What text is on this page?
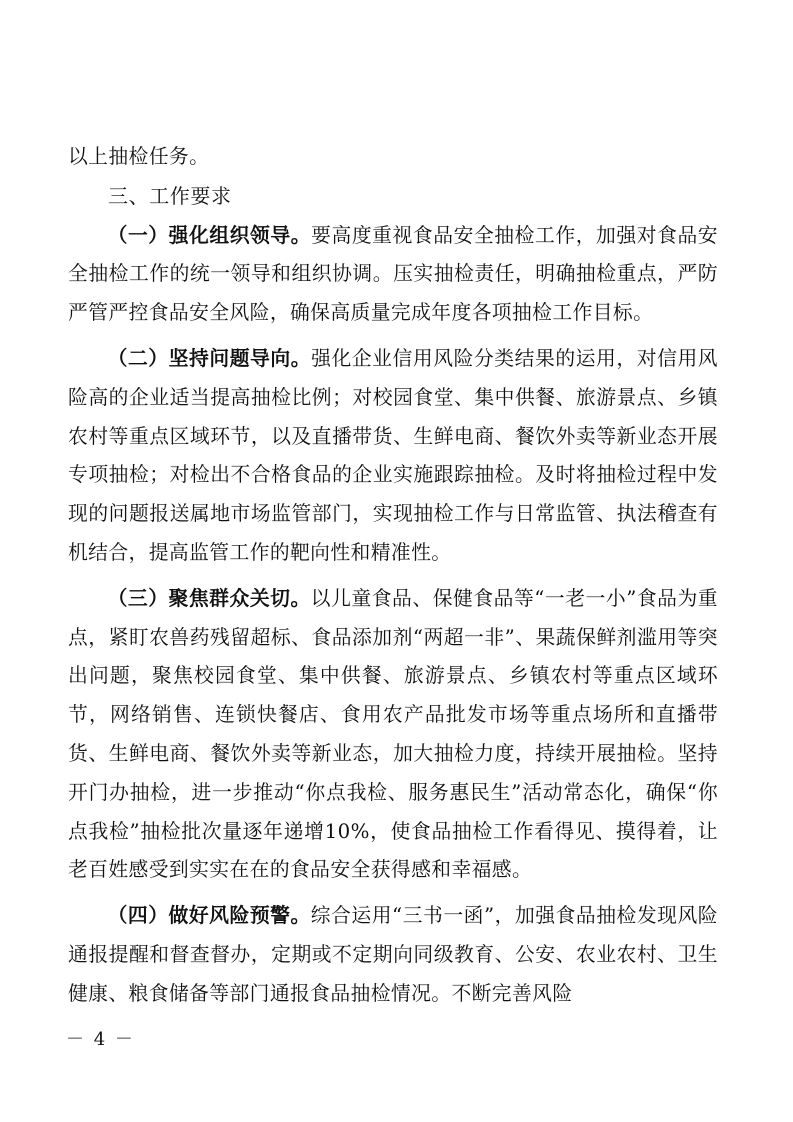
以上抽检任务。

三、工作要求

（一）强化组织领导。要高度重视食品安全抽检工作，加强对食品安全抽检工作的统一领导和组织协调。压实抽检责任，明确抽检重点，严防严管严控食品安全风险，确保高质量完成年度各项抽检工作目标。

（二）坚持问题导向。强化企业信用风险分类结果的运用，对信用风险高的企业适当提高抽检比例；对校园食堂、集中供餐、旅游景点、乡镇农村等重点区域环节，以及直播带货、生鲜电商、餐饮外卖等新业态开展专项抽检；对检出不合格食品的企业实施跟踪抽检。及时将抽检过程中发现的问题报送属地市场监管部门，实现抽检工作与日常监管、执法稽查有机结合，提高监管工作的靶向性和精准性。

（三）聚焦群众关切。以儿童食品、保健食品等“一老一小”食品为重点，紧盯农兽药残留超标、食品添加剂“两超一非”、果蔬保鲜剂滥用等突出问题，聚焦校园食堂、集中供餐、旅游景点、乡镇农村等重点区域环节，网络销售、连锁快餐店、食用农产品批发市场等重点场所和直播带货、生鲜电商、餐饮外卖等新业态，加大抽检力度，持续开展抽检。坚持开门办抽检，进一步推动“你点我检、服务惠民生”活动常态化，确保“你点我检”抽检批次量逐年递增10%，使食品抽检工作看得见、摸得着，让老百姓感受到实实在在的食品安全获得感和幸福感。

（四）做好风险预警。综合运用“三书一函”，加强食品抽检发现风险通报提醒和督查督办，定期或不定期向同级教育、公安、农业农村、卫生健康、粮食储备等部门通报食品抽检情况。不断完善风险

－ 4 －
